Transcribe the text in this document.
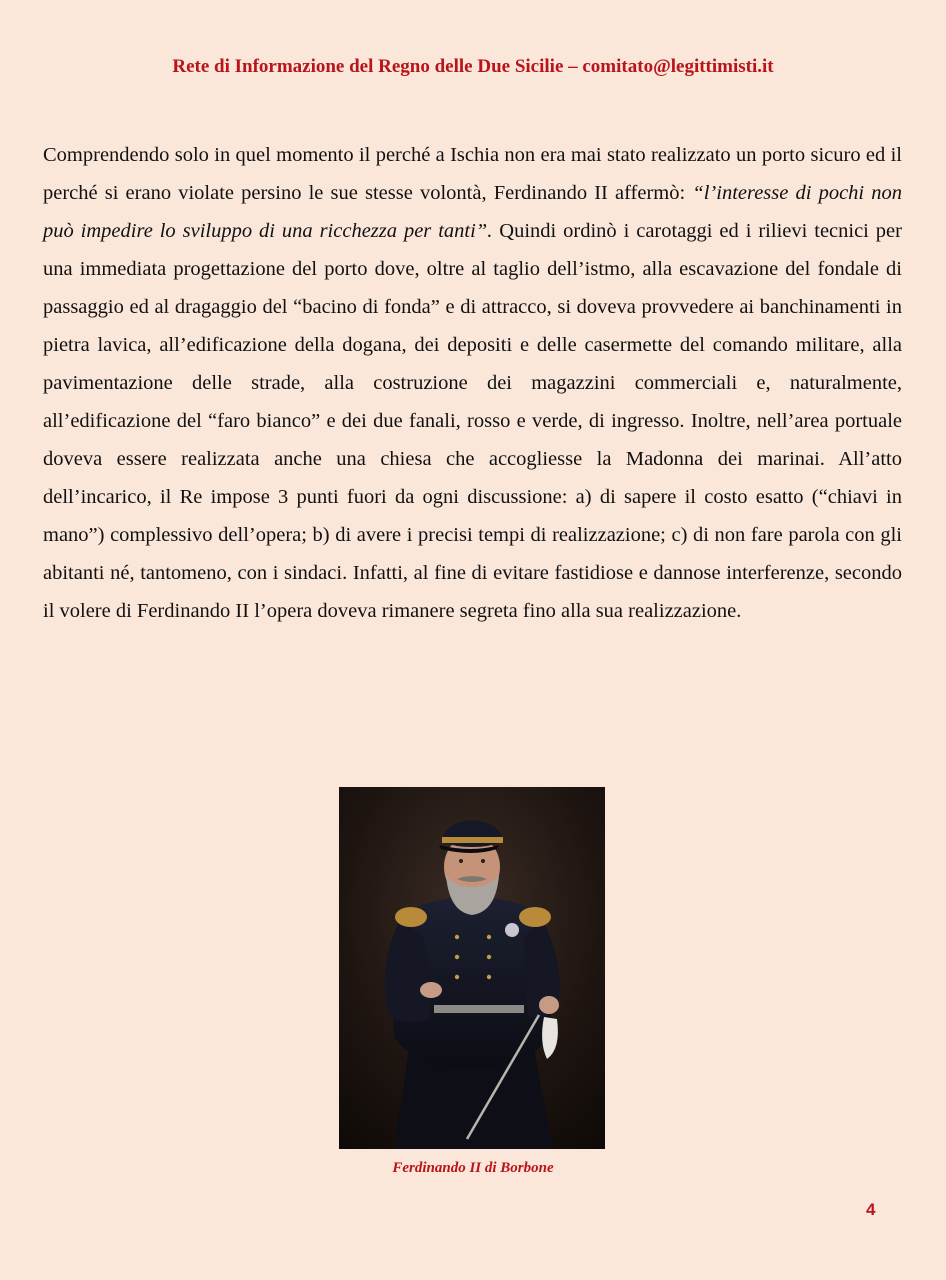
Rete di Informazione del Regno delle Due Sicilie – comitato@legittimisti.it
Comprendendo solo in quel momento il perché a Ischia non era mai stato realizzato un porto sicuro ed il perché si erano violate persino le sue stesse volontà, Ferdinando II affermò: “l’interesse di pochi non può impedire lo sviluppo di una ricchezza per tanti”. Quindi ordinò i carotaggi ed i rilievi tecnici per una immediata progettazione del porto dove, oltre al taglio dell’istmo, alla escavazione del fondale di passaggio ed al dragaggio del “bacino di fonda” e di attracco, si doveva provvedere ai banchinamenti in pietra lavica, all’edificazione della dogana, dei depositi e delle casermette del comando militare, alla pavimentazione delle strade, alla costruzione dei magazzini commerciali e, naturalmente, all’edificazione del “faro bianco” e dei due fanali, rosso e verde, di ingresso. Inoltre, nell’area portuale doveva essere realizzata anche una chiesa che accogliesse la Madonna dei marinai. All’atto dell’incarico, il Re impose 3 punti fuori da ogni discussione: a) di sapere il costo esatto (“chiavi in mano”) complessivo dell’opera; b) di avere i precisi tempi di realizzazione; c) di non fare parola con gli abitanti né, tantomeno, con i sindaci. Infatti, al fine di evitare fastidiose e dannose interferenze, secondo il volere di Ferdinando II l’opera doveva rimanere segreta fino alla sua realizzazione.
Ferdinando II di Borbone
4
